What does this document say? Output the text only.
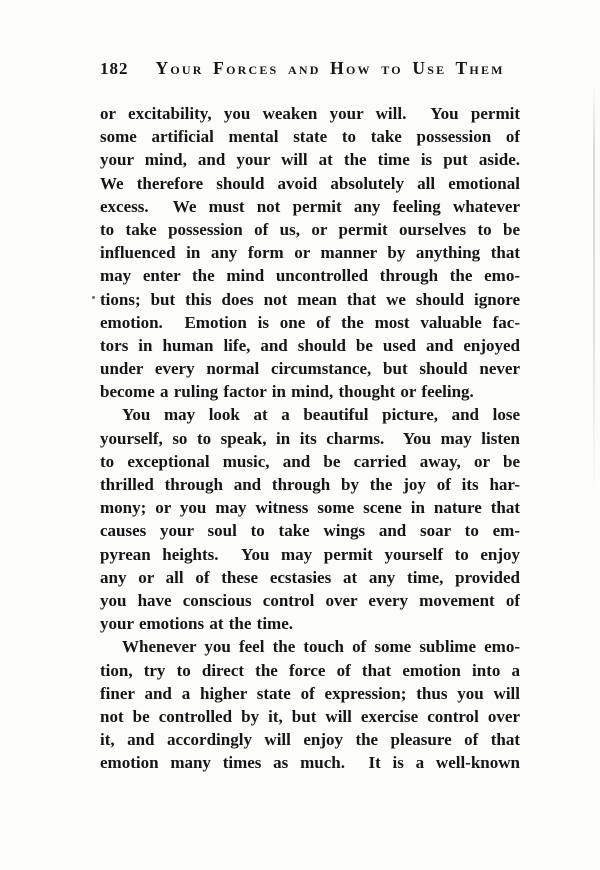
182 Your Forces and How to Use Them
or excitability, you weaken your will.  You permit
some artificial mental state to take possession of
your mind, and your will at the time is put aside.
We therefore should avoid absolutely all emotional
excess.  We must not permit any feeling whatever
to take possession of us, or permit ourselves to be
influenced in any form or manner by anything that
may enter the mind uncontrolled through the emo-
tions; but this does not mean that we should ignore
emotion.  Emotion is one of the most valuable fac-
tors in human life, and should be used and enjoyed
under every normal circumstance, but should never
become a ruling factor in mind, thought or feeling.
You may look at a beautiful picture, and lose
yourself, so to speak, in its charms.  You may listen
to exceptional music, and be carried away, or be
thrilled through and through by the joy of its har-
mony; or you may witness some scene in nature that
causes your soul to take wings and soar to em-
pyrean heights.  You may permit yourself to enjoy
any or all of these ecstasies at any time, provided
you have conscious control over every movement of
your emotions at the time.
Whenever you feel the touch of some sublime emo-
tion, try to direct the force of that emotion into a
finer and a higher state of expression; thus you will
not be controlled by it, but will exercise control over
it, and accordingly will enjoy the pleasure of that
emotion many times as much.  It is a well-known
